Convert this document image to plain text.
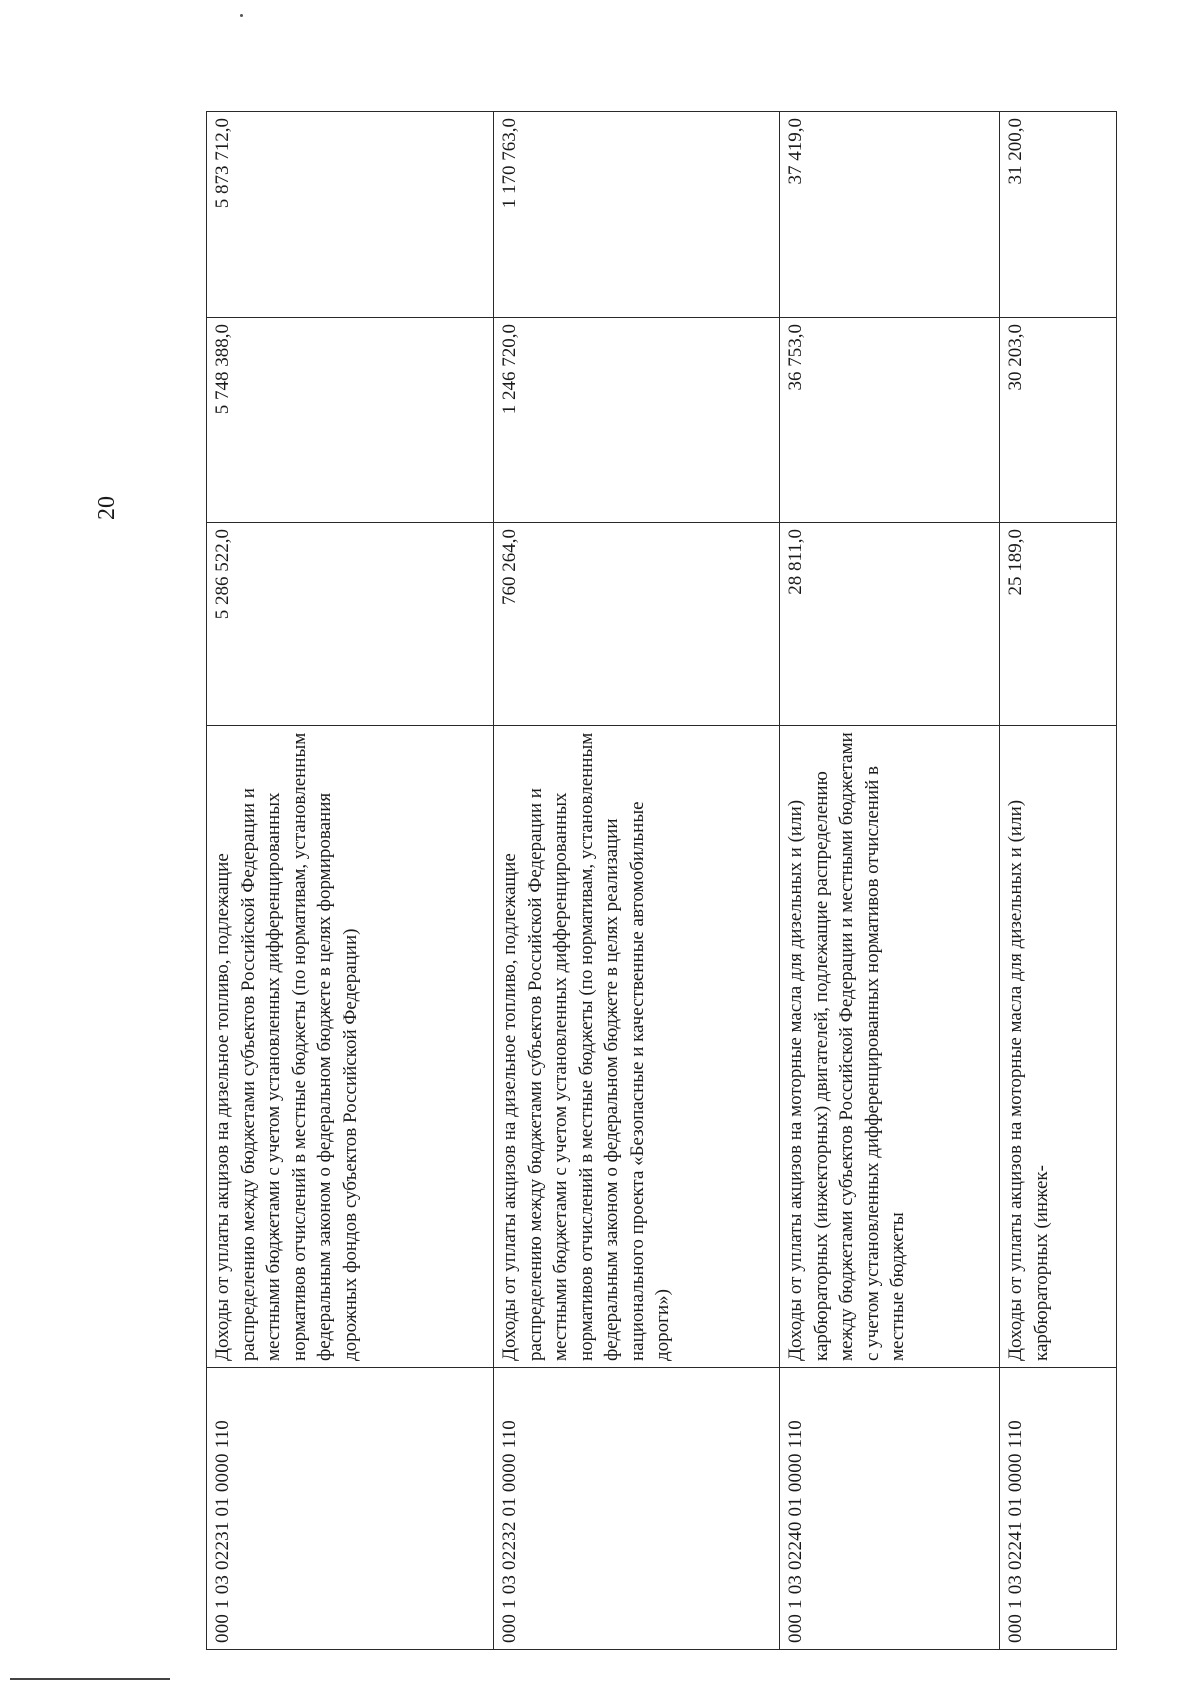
20
000 1 03 02231 01 0000 110	Доходы от уплаты акцизов на дизельное топливо, подлежащие распределению между бюджетами субъектов Российской Федерации и местными бюджетами с учетом установленных дифференцированных нормативов отчислений в местные бюджеты (по нормативам, установленным федеральным законом о федеральном бюджете в целях формирования дорожных фондов субъектов Российской Федерации)	5 286 522,0	5 748 388,0	5 873 712,0
000 1 03 02232 01 0000 110	Доходы от уплаты акцизов на дизельное топливо, подлежащие распределению между бюджетами субъектов Российской Федерации и местными бюджетами с учетом установленных дифференцированных нормативов отчислений в местные бюджеты (по нормативам, установленным федеральным законом о федеральном бюджете в целях реализации национального проекта «Безопасные и качественные автомобильные дороги»)	760 264,0	1 246 720,0	1 170 763,0
000 1 03 02240 01 0000 110	Доходы от уплаты акцизов на моторные масла для дизельных и (или) карбюраторных (инжекторных) двигателей, подлежащие распределению между бюджетами субъектов Российской Федерации и местными бюджетами с учетом установленных дифференцированных нормативов отчислений в местные бюджеты	28 811,0	36 753,0	37 419,0
000 1 03 02241 01 0000 110	Доходы от уплаты акцизов на моторные масла для дизельных и (или) карбюраторных (инжек-	25 189,0	30 203,0	31 200,0
